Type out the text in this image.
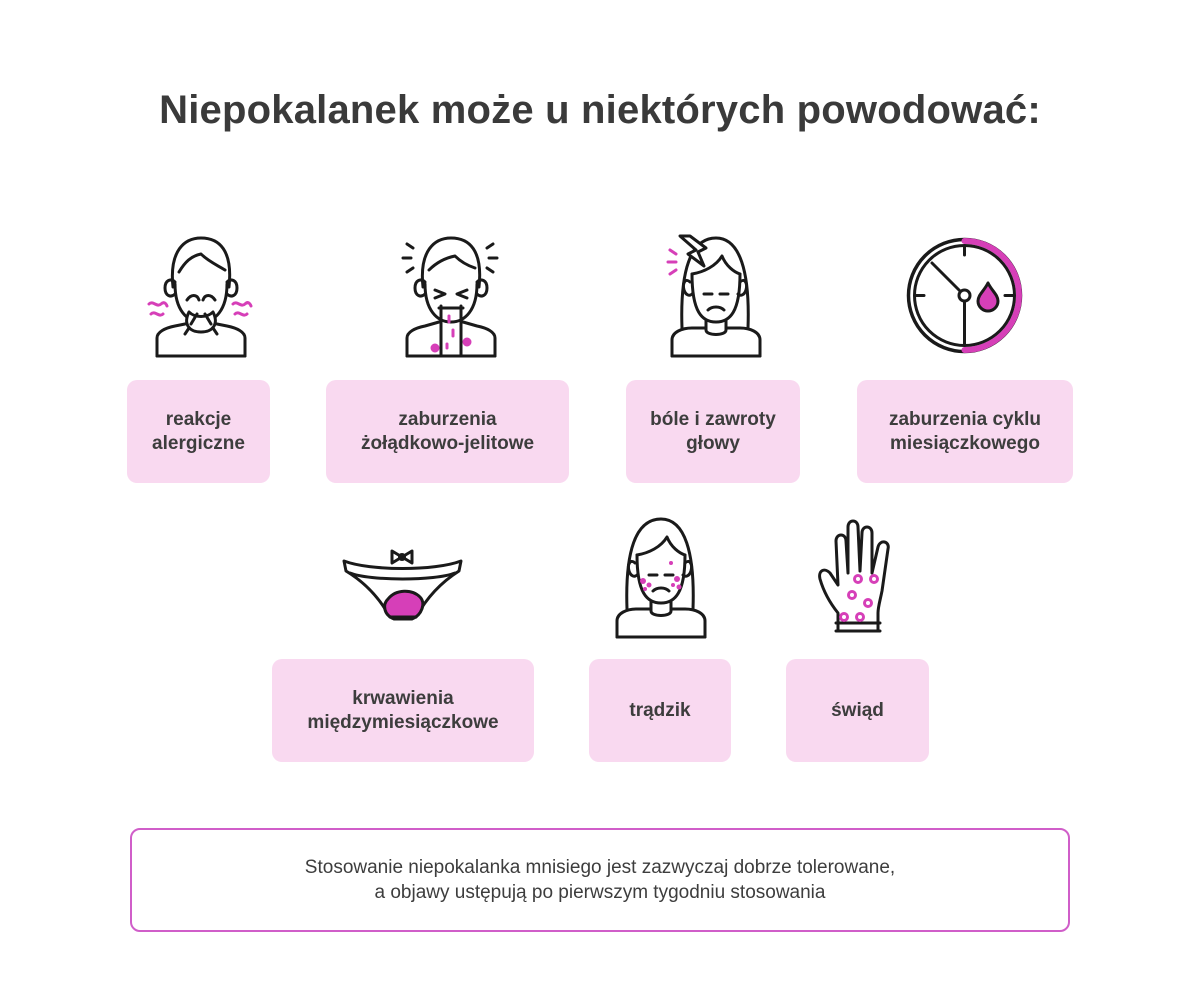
Niepokalanek może u niektórych powodować:
reakcje
alergiczne
zaburzenia
żołądkowo-jelitowe
bóle i zawroty
głowy
zaburzenia cyklu
miesiączkowego
krwawienia
międzymiesiączkowe
trądzik	świąd
Stosowanie niepokalanka mnisiego jest zazwyczaj dobrze tolerowane,
a objawy ustępują po pierwszym tygodniu stosowania
